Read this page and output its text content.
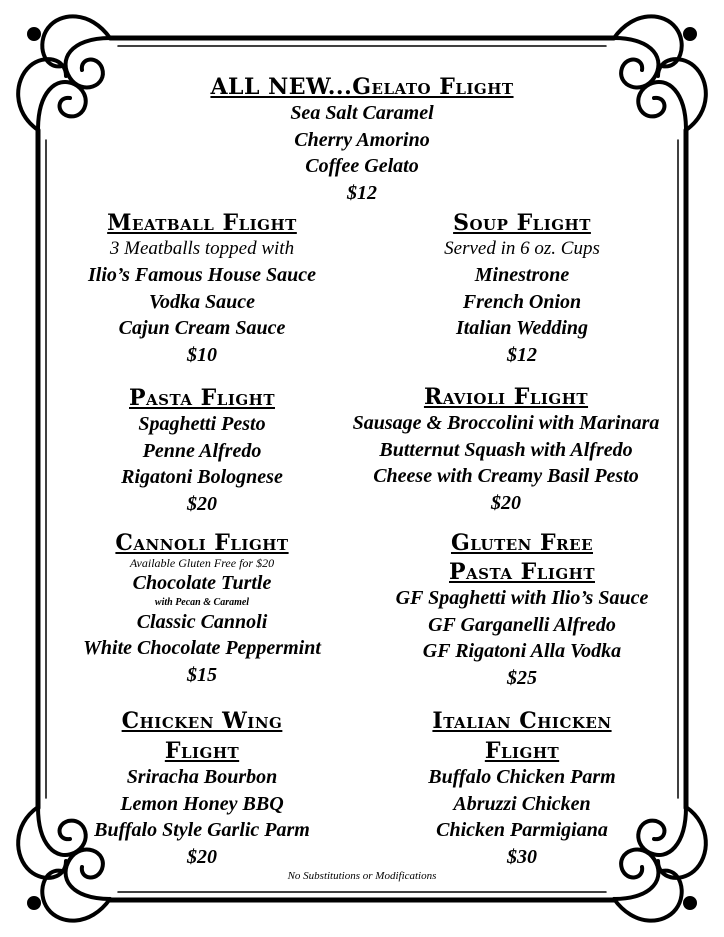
ALL NEW...Gelato Flight
Sea Salt Caramel
Cherry Amorino
Coffee Gelato
$12
Meatball Flight
3 Meatballs topped with
Ilio’s Famous House Sauce
Vodka Sauce
Cajun Cream Sauce
$10
Soup Flight
Served in 6 oz. Cups
Minestrone
French Onion
Italian Wedding
$12
Pasta Flight
Spaghetti Pesto
Penne Alfredo
Rigatoni Bolognese
$20
Ravioli Flight
Sausage & Broccolini with Marinara
Butternut Squash with Alfredo
Cheese with Creamy Basil Pesto
$20
Cannoli Flight
Available Gluten Free for $20
Chocolate Turtle
with Pecan & Caramel
Classic Cannoli
White Chocolate Peppermint
$15
Gluten Free
Pasta Flight
GF Spaghetti with Ilio’s Sauce
GF Garganelli Alfredo
GF Rigatoni Alla Vodka
$25
Chicken Wing
Flight
Sriracha Bourbon
Lemon Honey BBQ
Buffalo Style Garlic Parm
$20
Italian Chicken
Flight
Buffalo Chicken Parm
Abruzzi Chicken
Chicken Parmigiana
$30
No Substitutions or Modifications
